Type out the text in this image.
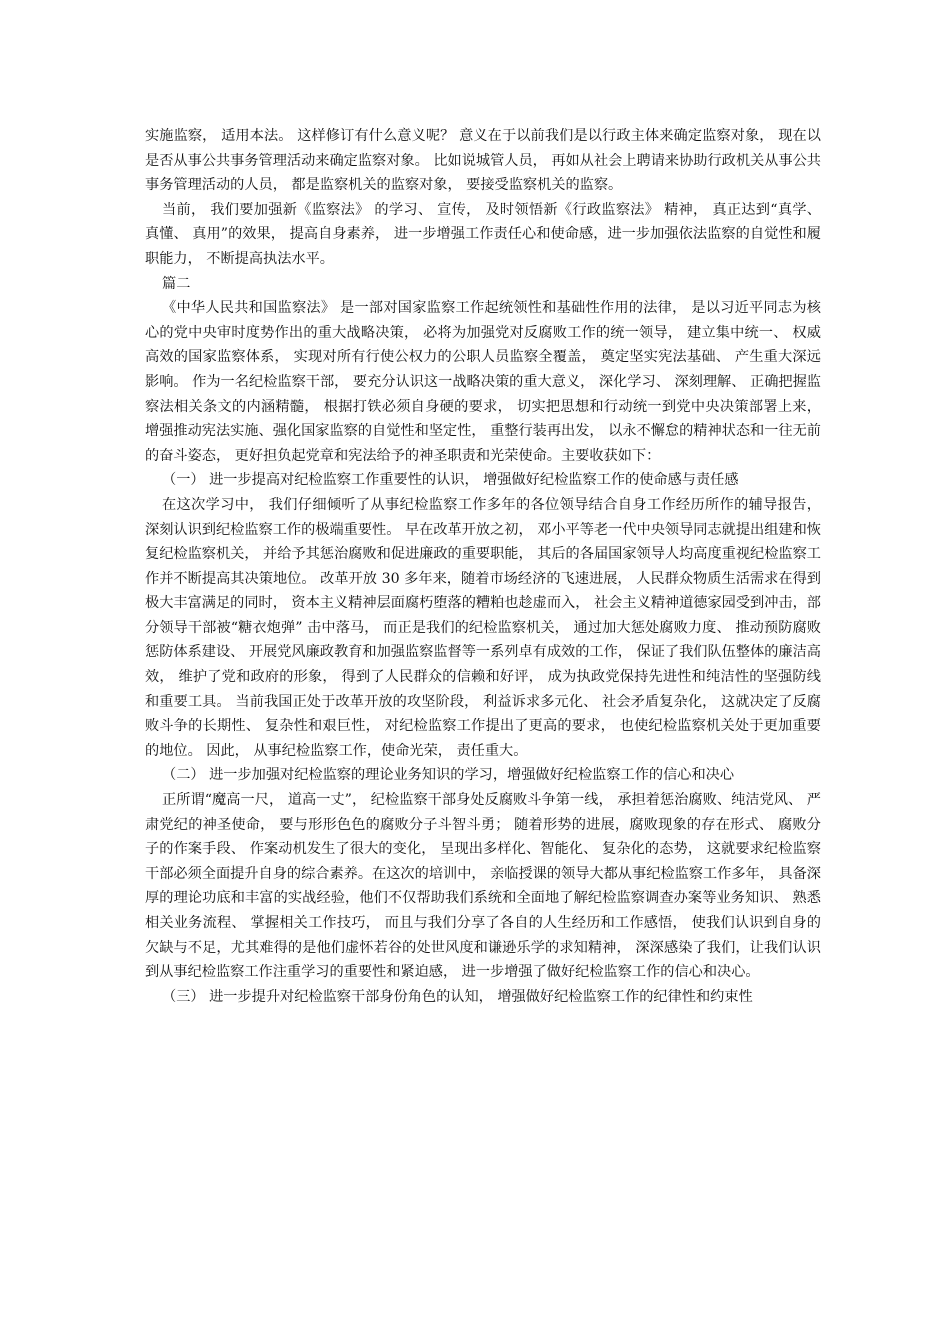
实施监察， 适用本法。 这样修订有什么意义呢？ 意义在于以前我们是以行政主体来确定监察对象， 现在以是否从事公共事务管理活动来确定监察对象。 比如说城管人员， 再如从社会上聘请来协助行政机关从事公共事务管理活动的人员， 都是监察机关的监察对象， 要接受监察机关的监察。

当前， 我们要加强新《监察法》 的学习、 宣传， 及时领悟新《行政监察法》 精神， 真正达到“真学、 真懂、 真用”的效果， 提高自身素养， 进一步增强工作责任心和使命感，进一步加强依法监察的自觉性和履职能力， 不断提高执法水平。

篇二

《中华人民共和国监察法》 是一部对国家监察工作起统领性和基础性作用的法律， 是以习近平同志为核心的党中央审时度势作出的重大战略决策， 必将为加强党对反腐败工作的统一领导， 建立集中统一、 权威高效的国家监察体系， 实现对所有行使公权力的公职人员监察全覆盖， 奠定坚实宪法基础、 产生重大深远影响。 作为一名纪检监察干部， 要充分认识这一战略决策的重大意义， 深化学习、 深刻理解、 正确把握监察法相关条文的内涵精髓， 根据打铁必须自身硬的要求， 切实把思想和行动统一到党中央决策部署上来， 增强推动宪法实施、强化国家监察的自觉性和坚定性， 重整行装再出发， 以永不懈怠的精神状态和一往无前的奋斗姿态， 更好担负起党章和宪法给予的神圣职责和光荣使命。主要收获如下：

（一） 进一步提高对纪检监察工作重要性的认识， 增强做好纪检监察工作的使命感与责任感

在这次学习中， 我们仔细倾听了从事纪检监察工作多年的各位领导结合自身工作经历所作的辅导报告， 深刻认识到纪检监察工作的极端重要性。 早在改革开放之初， 邓小平等老一代中央领导同志就提出组建和恢复纪检监察机关， 并给予其惩治腐败和促进廉政的重要职能， 其后的各届国家领导人均高度重视纪检监察工作并不断提高其决策地位。 改革开放 30 多年来，随着市场经济的飞速进展， 人民群众物质生活需求在得到极大丰富满足的同时， 资本主义精神层面腐朽堕落的糟粕也趁虚而入， 社会主义精神道德家园受到冲击，部分领导干部被“糖衣炮弹” 击中落马， 而正是我们的纪检监察机关， 通过加大惩处腐败力度、 推动预防腐败惩防体系建设、 开展党风廉政教育和加强监察监督等一系列卓有成效的工作， 保证了我们队伍整体的廉洁高效， 维护了党和政府的形象， 得到了人民群众的信赖和好评， 成为执政党保持先进性和纯洁性的坚强防线和重要工具。 当前我国正处于改革开放的攻坚阶段， 利益诉求多元化、 社会矛盾复杂化， 这就决定了反腐败斗争的长期性、 复杂性和艰巨性， 对纪检监察工作提出了更高的要求， 也使纪检监察机关处于更加重要的地位。 因此， 从事纪检监察工作，使命光荣， 责任重大。

（二） 进一步加强对纪检监察的理论业务知识的学习，增强做好纪检监察工作的信心和决心

正所谓“魔高一尺， 道高一丈”， 纪检监察干部身处反腐败斗争第一线， 承担着惩治腐败、纯洁党风、 严肃党纪的神圣使命， 要与形形色色的腐败分子斗智斗勇； 随着形势的进展，腐败现象的存在形式、 腐败分子的作案手段、 作案动机发生了很大的变化， 呈现出多样化、智能化、 复杂化的态势， 这就要求纪检监察干部必须全面提升自身的综合素养。在这次的培训中， 亲临授课的领导大都从事纪检监察工作多年， 具备深厚的理论功底和丰富的实战经验，他们不仅帮助我们系统和全面地了解纪检监察调查办案等业务知识、 熟悉相关业务流程、 掌握相关工作技巧， 而且与我们分享了各自的人生经历和工作感悟， 使我们认识到自身的欠缺与不足，尤其难得的是他们虚怀若谷的处世风度和谦逊乐学的求知精神， 深深感染了我们，让我们认识到从事纪检监察工作注重学习的重要性和紧迫感， 进一步增强了做好纪检监察工作的信心和决心。

（三） 进一步提升对纪检监察干部身份角色的认知， 增强做好纪检监察工作的纪律性和约束性
